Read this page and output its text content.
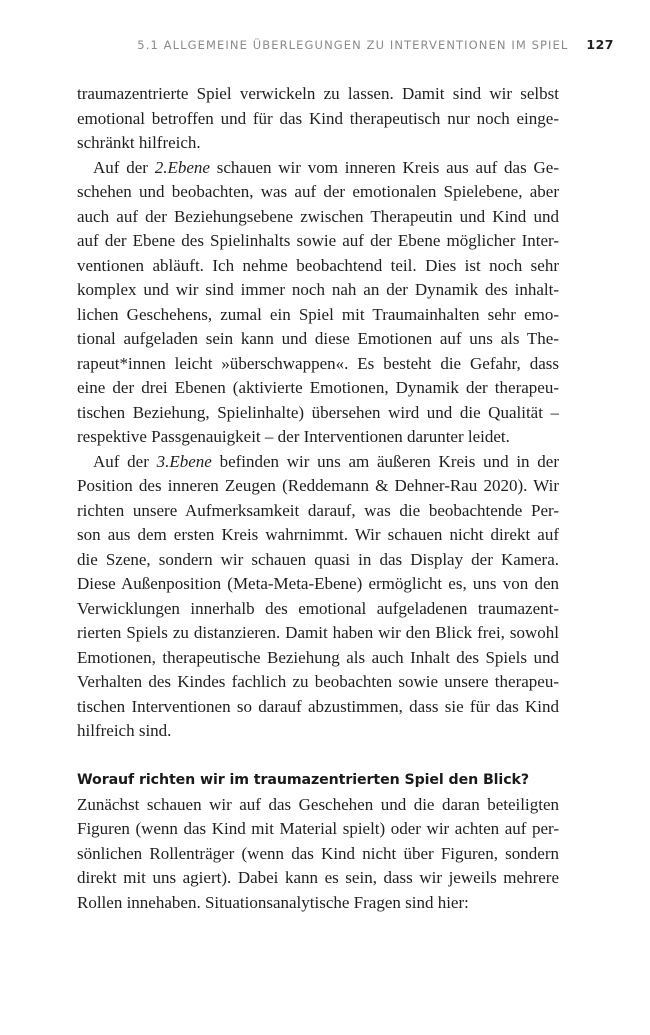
5.1 ALLGEMEINE ÜBERLEGUNGEN ZU INTERVENTIONEN IM SPIEL 127
traumazentrierte Spiel verwickeln zu lassen. Damit sind wir selbst
emotional betroffen und für das Kind therapeutisch nur noch einge-
schränkt hilfreich.
Auf der 2.Ebene schauen wir vom inneren Kreis aus auf das Ge-
schehen und beobachten, was auf der emotionalen Spielebene, aber
auch auf der Beziehungsebene zwischen Therapeutin und Kind und
auf der Ebene des Spielinhalts sowie auf der Ebene möglicher Inter-
ventionen abläuft. Ich nehme beobachtend teil. Dies ist noch sehr
komplex und wir sind immer noch nah an der Dynamik des inhalt-
lichen Geschehens, zumal ein Spiel mit Traumainhalten sehr emo-
tional aufgeladen sein kann und diese Emotionen auf uns als The-
rapeut*innen leicht »überschwappen«. Es besteht die Gefahr, dass
eine der drei Ebenen (aktivierte Emotionen, Dynamik der therapeu-
tischen Beziehung, Spielinhalte) übersehen wird und die Qualität –
respektive Passgenauigkeit – der Interventionen darunter leidet.
Auf der 3.Ebene befinden wir uns am äußeren Kreis und in der
Position des inneren Zeugen (Reddemann & Dehner-Rau 2020). Wir
richten unsere Aufmerksamkeit darauf, was die beobachtende Per-
son aus dem ersten Kreis wahrnimmt. Wir schauen nicht direkt auf
die Szene, sondern wir schauen quasi in das Display der Kamera.
Diese Außenposition (Meta-Meta-Ebene) ermöglicht es, uns von den
Verwicklungen innerhalb des emotional aufgeladenen traumazent-
rierten Spiels zu distanzieren. Damit haben wir den Blick frei, sowohl
Emotionen, therapeutische Beziehung als auch Inhalt des Spiels und
Verhalten des Kindes fachlich zu beobachten sowie unsere therapeu-
tischen Interventionen so darauf abzustimmen, dass sie für das Kind
hilfreich sind.
Worauf richten wir im traumazentrierten Spiel den Blick?
Zunächst schauen wir auf das Geschehen und die daran beteiligten
Figuren (wenn das Kind mit Material spielt) oder wir achten auf per-
sönlichen Rollenträger (wenn das Kind nicht über Figuren, sondern
direkt mit uns agiert). Dabei kann es sein, dass wir jeweils mehrere
Rollen innehaben. Situationsanalytische Fragen sind hier:
